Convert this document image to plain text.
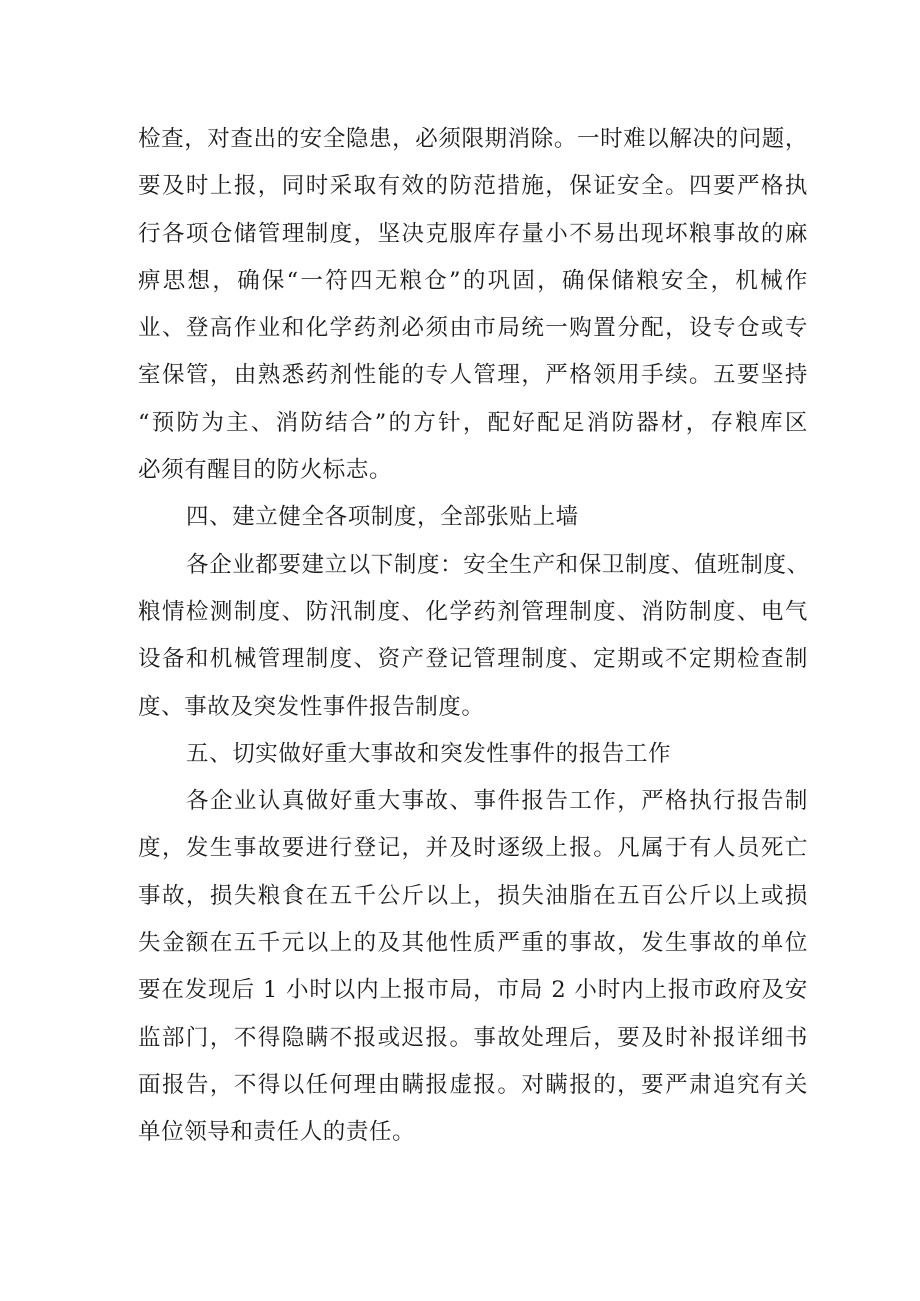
检查，对查出的安全隐患，必须限期消除。一时难以解决的问题，
要及时上报，同时采取有效的防范措施，保证安全。四要严格执
行各项仓储管理制度，坚决克服库存量小不易出现坏粮事故的麻
痹思想，确保“一符四无粮仓”的巩固，确保储粮安全，机械作
业、登高作业和化学药剂必须由市局统一购置分配，设专仓或专
室保管，由熟悉药剂性能的专人管理，严格领用手续。五要坚持
“预防为主、消防结合”的方针，配好配足消防器材，存粮库区
必须有醒目的防火标志。
四、建立健全各项制度，全部张贴上墙
各企业都要建立以下制度：安全生产和保卫制度、值班制度、
粮情检测制度、防汛制度、化学药剂管理制度、消防制度、电气
设备和机械管理制度、资产登记管理制度、定期或不定期检查制
度、事故及突发性事件报告制度。
五、切实做好重大事故和突发性事件的报告工作
各企业认真做好重大事故、事件报告工作，严格执行报告制
度，发生事故要进行登记，并及时逐级上报。凡属于有人员死亡
事故，损失粮食在五千公斤以上，损失油脂在五百公斤以上或损
失金额在五千元以上的及其他性质严重的事故，发生事故的单位
要在发现后 1 小时以内上报市局，市局 2 小时内上报市政府及安
监部门，不得隐瞒不报或迟报。事故处理后，要及时补报详细书
面报告，不得以任何理由瞒报虚报。对瞒报的，要严肃追究有关
单位领导和责任人的责任。
